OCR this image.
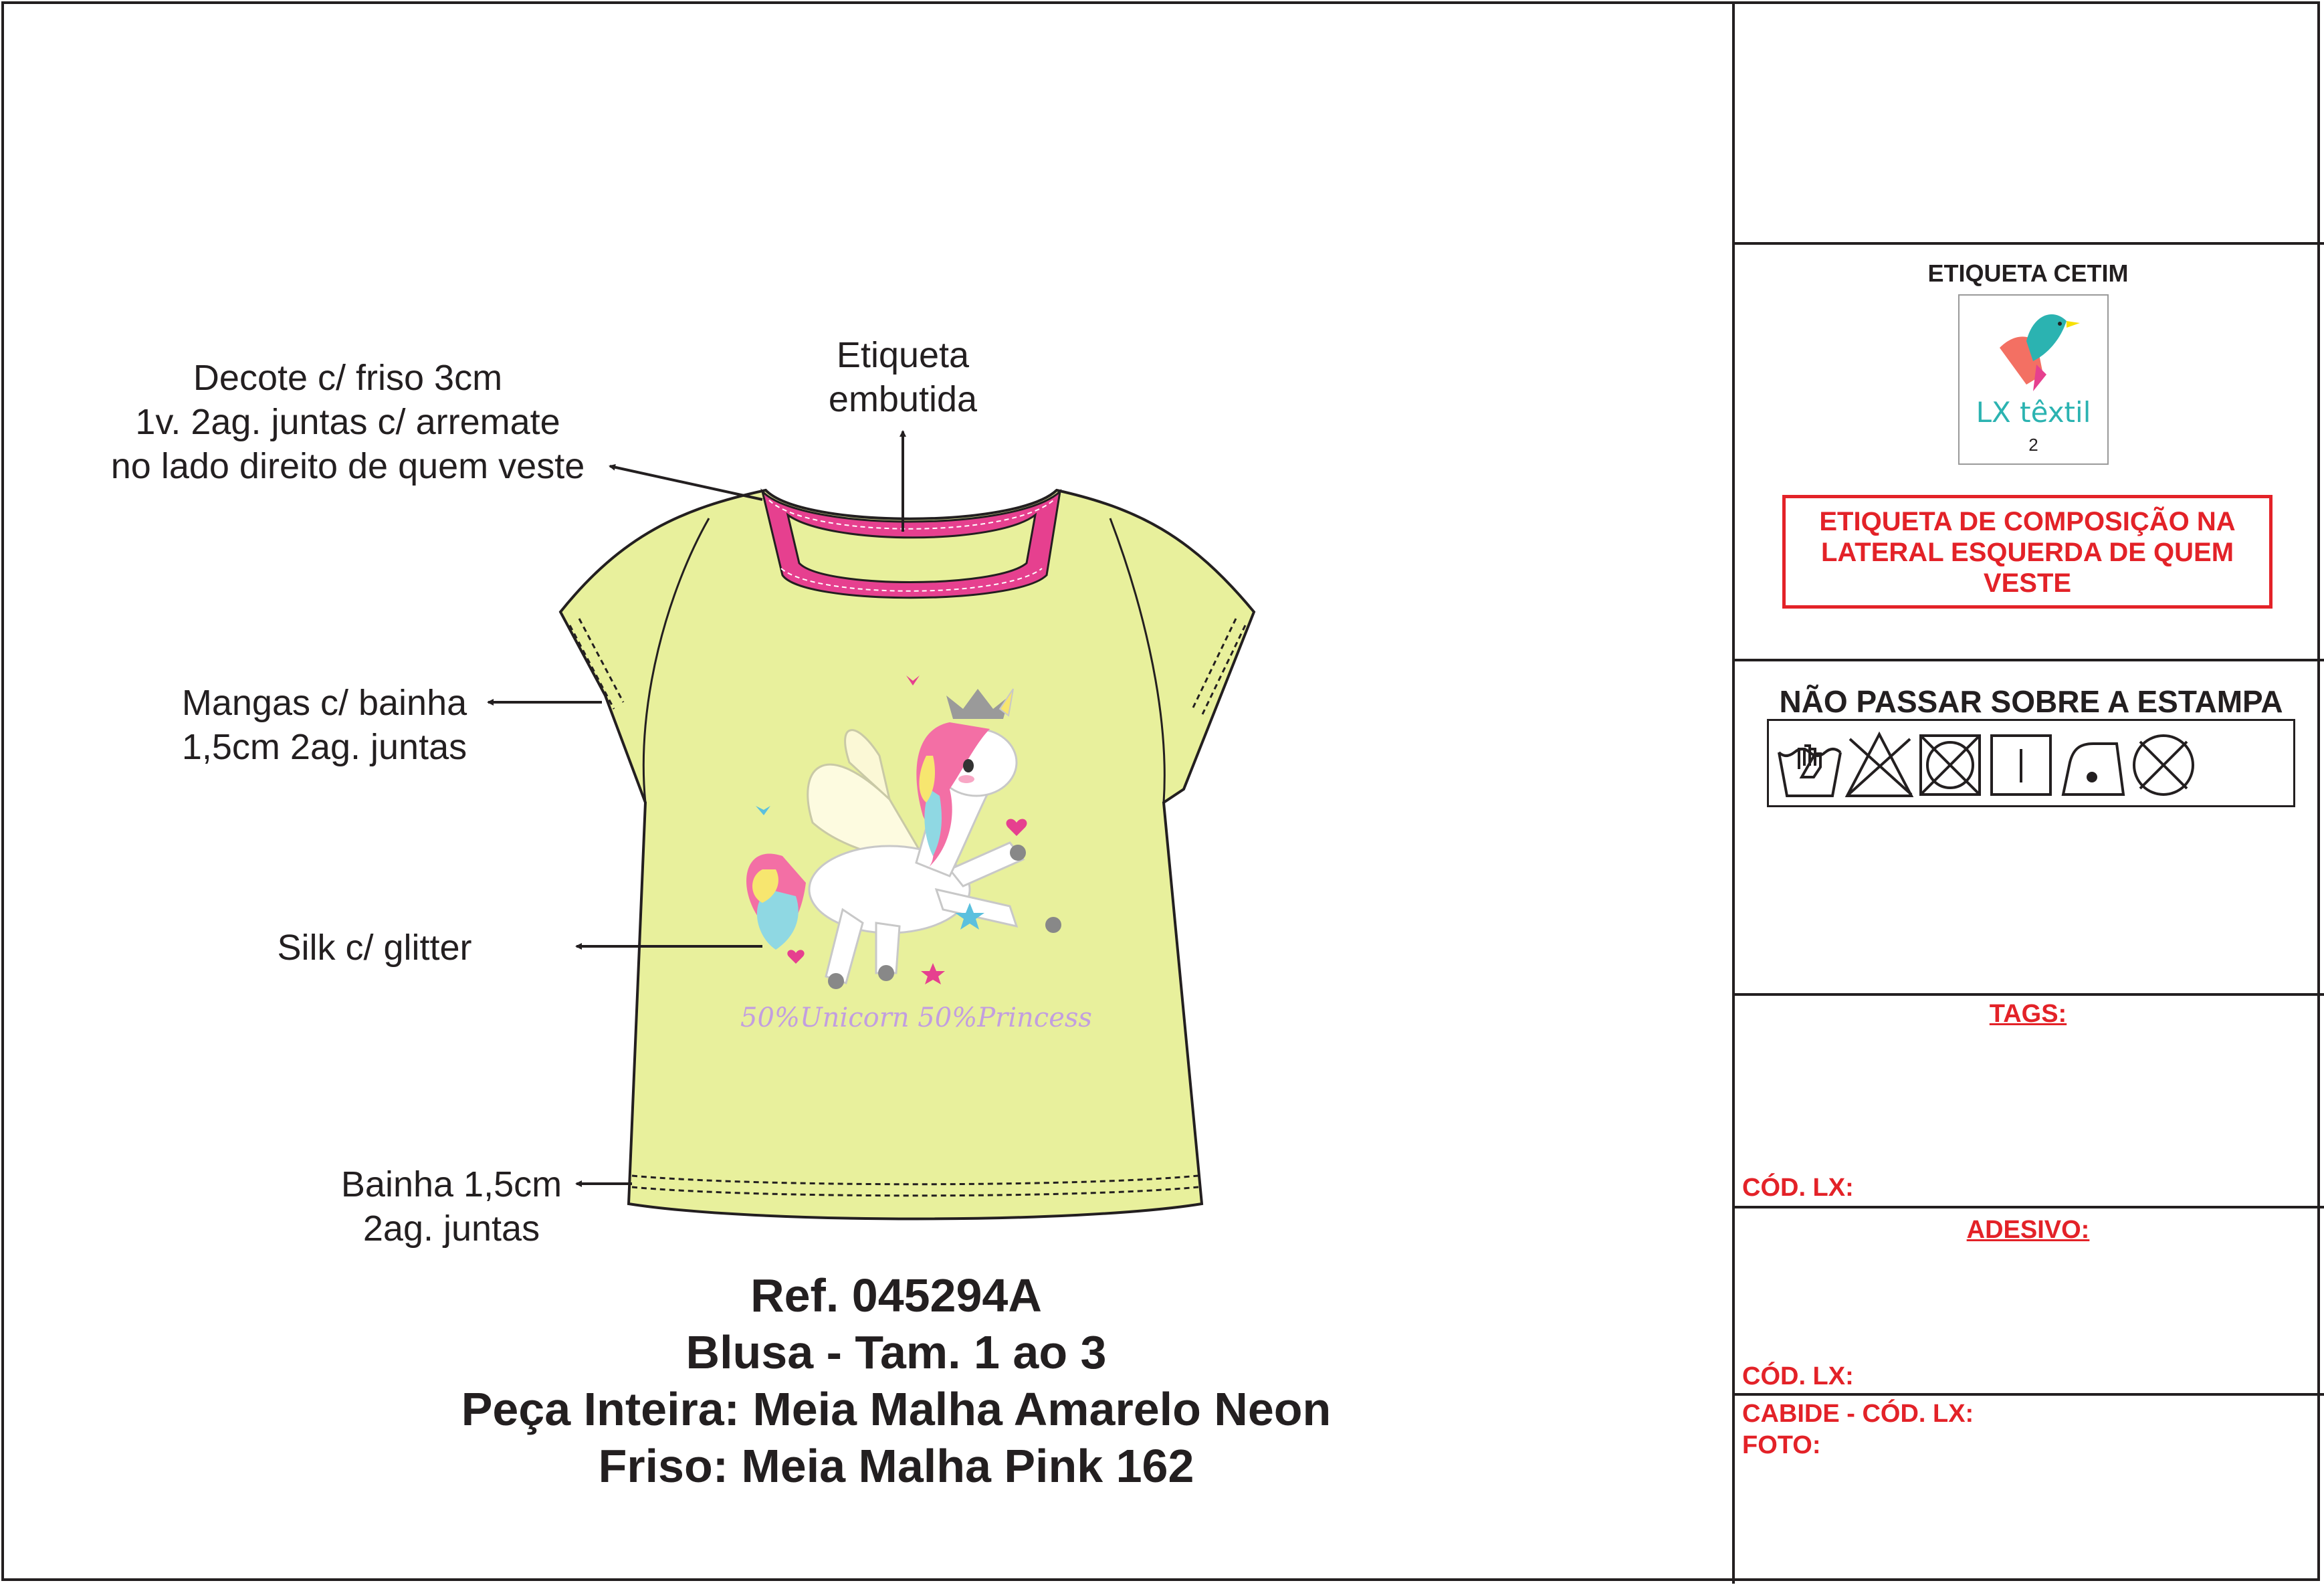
50%Unicorn 50%Princess
Decote c/ friso 3cm
1v. 2ag. juntas c/ arremate
no lado direito de quem veste
Etiqueta
embutida
Mangas c/ bainha
1,5cm 2ag. juntas
Silk c/ glitter
Bainha 1,5cm
2ag. juntas
Ref. 045294A
Blusa - Tam. 1 ao 3
Peça Inteira: Meia Malha Amarelo Neon
Friso: Meia Malha Pink 162
ETIQUETA CETIM
LX têxtil
2
ETIQUETA DE COMPOSIÇÃO NA
LATERAL ESQUERDA DE QUEM
VESTE
NÃO PASSAR SOBRE A ESTAMPA
TAGS:
CÓD. LX:
ADESIVO:
CÓD. LX:
CABIDE - CÓD. LX:
FOTO:
